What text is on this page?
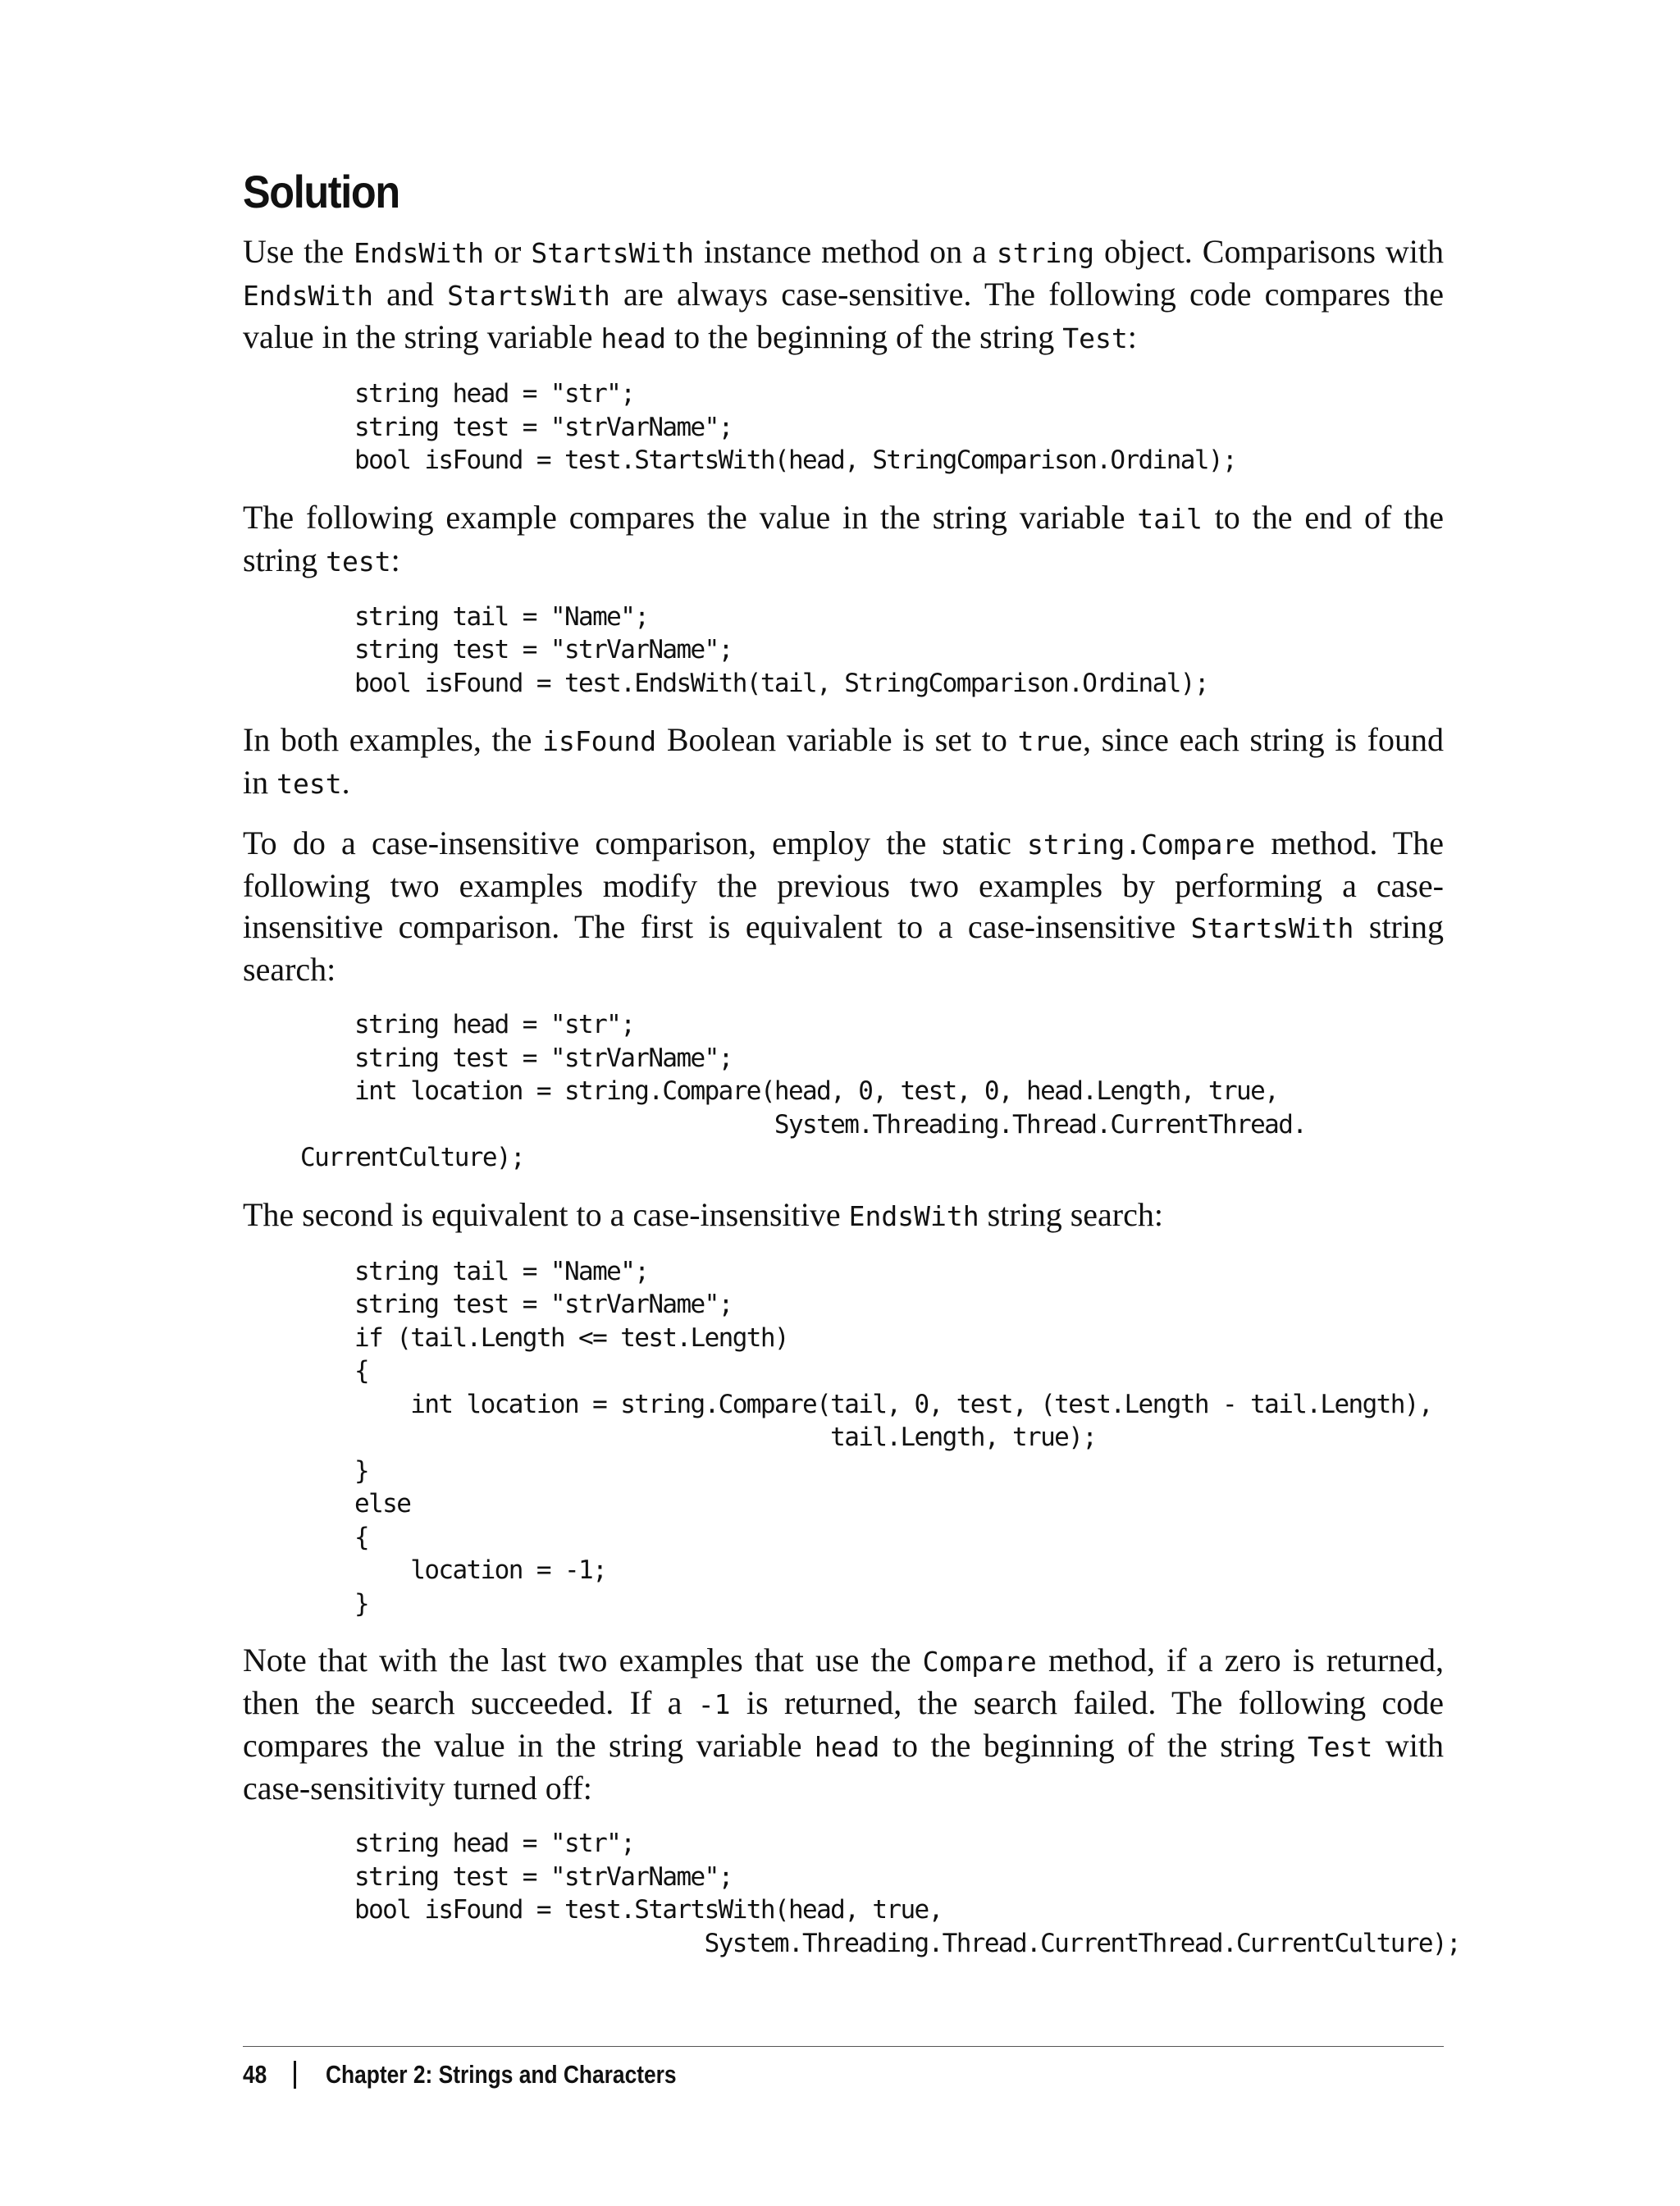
Solution

Use the EndsWith or StartsWith instance method on a string object. Comparisons with EndsWith and StartsWith are always case-sensitive. The following code compares the value in the string variable head to the beginning of the string Test:

string head = "str";
string test = "strVarName";
bool isFound = test.StartsWith(head, StringComparison.Ordinal);

The following example compares the value in the string variable tail to the end of the string test:

string tail = "Name";
string test = "strVarName";
bool isFound = test.EndsWith(tail, StringComparison.Ordinal);

In both examples, the isFound Boolean variable is set to true, since each string is found in test.

To do a case-insensitive comparison, employ the static string.Compare method. The following two examples modify the previous two examples by performing a case-insensitive comparison. The first is equivalent to a case-insensitive StartsWith string search:

string head = "str";
string test = "strVarName";
int location = string.Compare(head, 0, test, 0, head.Length, true,
System.Threading.Thread.CurrentThread.
CurrentCulture);

The second is equivalent to a case-insensitive EndsWith string search:

string tail = "Name";
string test = "strVarName";
if (tail.Length <= test.Length)
{
int location = string.Compare(tail, 0, test, (test.Length - tail.Length),
tail.Length, true);
}
else
{
location = -1;
}

Note that with the last two examples that use the Compare method, if a zero is returned, then the search succeeded. If a -1 is returned, the search failed. The following code compares the value in the string variable head to the beginning of the string Test with case-sensitivity turned off:

string head = "str";
string test = "strVarName";
bool isFound = test.StartsWith(head, true,
System.Threading.Thread.CurrentThread.CurrentCulture);
48 Chapter 2: Strings and Characters
